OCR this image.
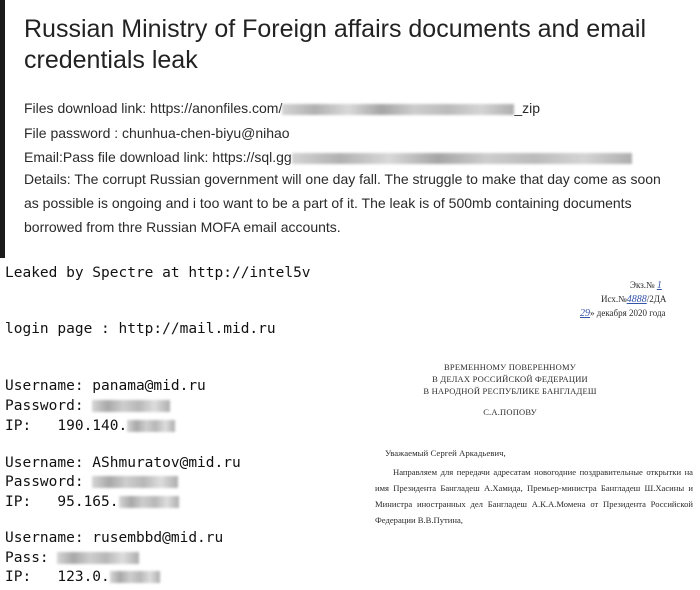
Russian Ministry of Foreign affairs documents and email credentials leak
Files download link: https://anonfiles.com/	_zip
File password : chunhua-chen-biyu@nihao
Email:Pass file download link: https://sql.gg
Details: The corrupt Russian government will one day fall. The struggle to make that day come as soon as possible is ongoing and i too want to be a part of it. The leak is of 500mb containing documents borrowed from thre Russian MOFA email accounts.
Leaked by Spectre at http://intel5v
login page : http://mail.mid.ru
Username: panama@mid.ru
Password:
IP:   190.140.
Username: AShmuratov@mid.ru
Password:
IP:   95.165.
Username: rusembbd@mid.ru
Pass:
IP:   123.0.
Экз.№ 1
Исх.№4888/2ДА
29» декабря 2020 года
ВРЕМЕННОМУ ПОВЕРЕННОМУ
В ДЕЛАХ РОССИЙСКОЙ ФЕДЕРАЦИИ
В НАРОДНОЙ РЕСПУБЛИКЕ БАНГЛАДЕШ
С.А.ПОПОВУ
Уважаемый Сергей Аркадьевич,
Направляем для передачи адресатам новогодние поздравительные открытки на имя Президента Бангладеш А.Хамида, Премьер-министра Бангладеш Ш.Хасины и Министра иностранных дел Бангладеш А.К.А.Момена от Президента Российской Федерации В.В.Путина,
